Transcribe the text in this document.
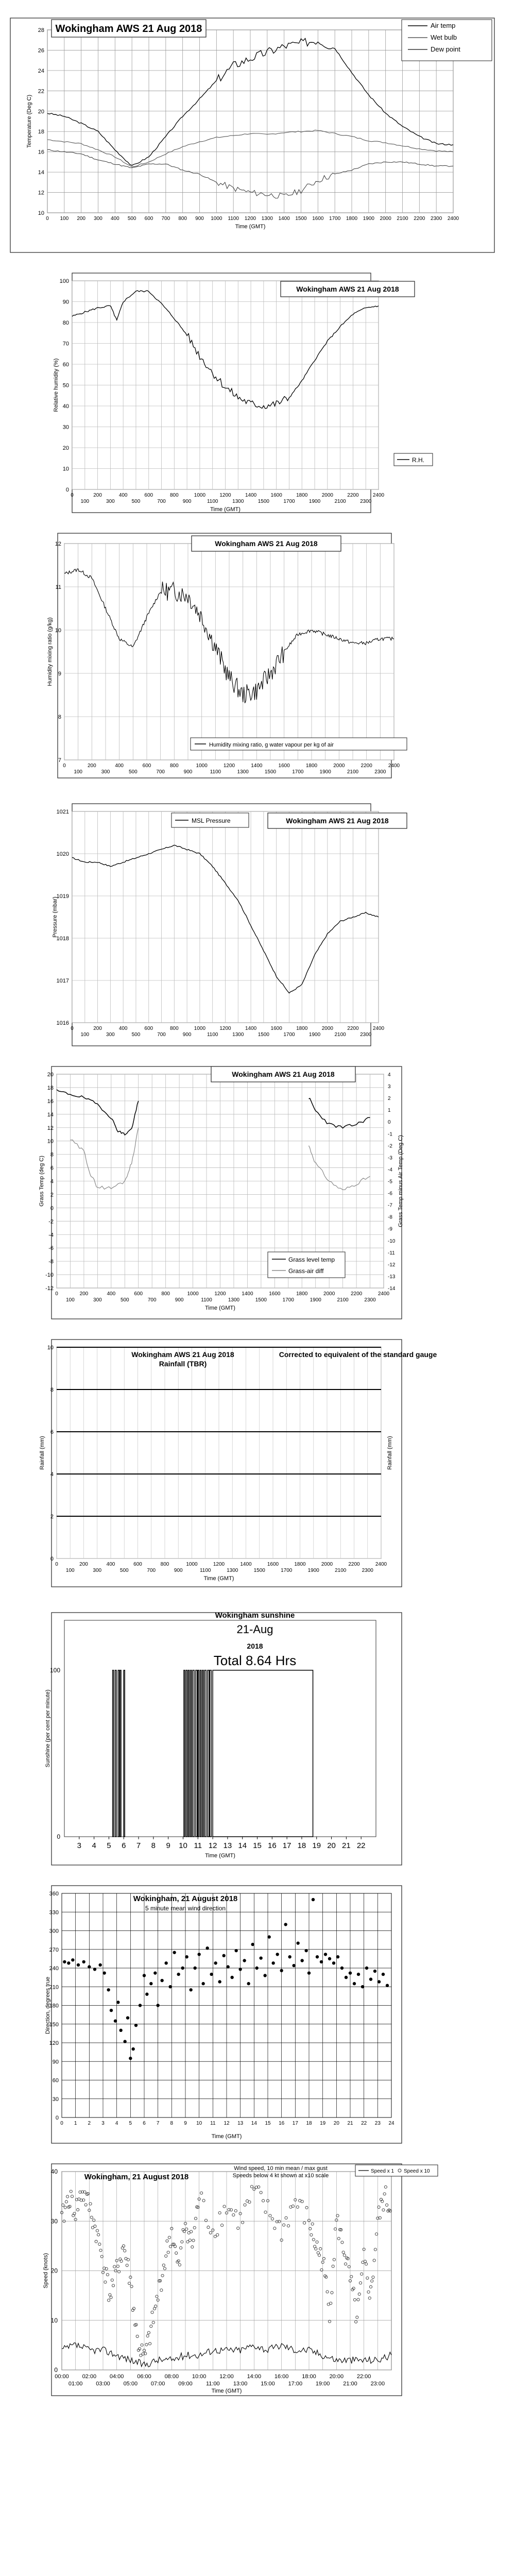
10
12
14
16
18
20
22
24
26
28
0 100 200 300 400 500 600 700 800 900 1000 1100 1200 1300 1400 1500 1600 1700 1800 1900 2000 2100 2200 2300 2400
Air temp
Wet bulb
Dew point
Wokingham AWS 21 Aug 2018
Temperature (Deg C)
Time (GMT)
0
10
20
30
40
50
60
70
80
90
100
0
100
200
300
400
500
600
700
800
900
1000
1100
1200
1300
1400
1500
1600
1700
1800
1900
2000
2100
2200
2300
2400
R.H.
Wokingham AWS 21 Aug 2018
Relative humidity (%)
Time (GMT)
7
8
9
10
11
12
0
100
200
300
400
500
600
700
800
900
1000
1100
1200
1300
1400
1500
1600
1700
1800
1900
2000
2100
2200
2300
2400
Humidity mixing ratio, g water vapour per kg of air
Wokingham AWS 21 Aug 2018
Humidity mixing ratio (g/kg)
1016
1017
1018
1019
1020
1021
0
100
200
300
400
500
600
700
800
900
1000
1100
1200
1300
1400
1500
1600
1700
1800
1900
2000
2100
2200
2300
2400
MSL Pressure	Wokingham AWS 21 Aug 2018
Pressure (mbar)
-12
-10
-8
-6
-4
-2
0
2
4
6
8
10
12
14
16
18
20
0
100
200
300
400
500
600
700
800
900
1000
1100
1200
1300
1400
1500
1600
1700
1800
1900
2000
2100
2200
2300
2400
-14
-13
-12
-11
-10
-9
-8
-7
-6
-5
-4
-3
-2
-1
0
1
2
3
4
Grass level temp
Grass-air diff
Wokingham AWS 21 Aug 2018
Grass Temp (deg C)	Grass Temp minus Air Temp (Deg C)
Time (GMT)
0
2
4
6
8
10
0
100
200
300
400
500
600
700
800
900
1000
1100
1200
1300
1400
1500
1600
1700
1800
1900
2000
2100
2200
2300
2400
Wokingham AWS 21 Aug 2018
Rainfall (TBR)
Corrected to equivalent of the standard gauge
Rainfall (mm)	Rainfall (mm)
Time (GMT)
0
100
3 4 5 6 7 8 9 10 11 12 13 14 15 16 17 18 19 20 21 22
Wokingham sunshine
21-Aug
2018
Total 8.64 Hrs
Sunshine (per cent per minute)
Time (GMT)
0
30
60
90
120
150
180
210
240
270
300
330
360
0 1 2 3 4 5 6 7 8 9 10 11 12 13 14 15 16 17 18 19 20 21 22 23 24
Wokingham, 21 August 2018
5 minute mean wind direction
Direction, degrees true
Time (GMT)
0
10
20
30
40
00:00 02:00 04:00 06:00 08:00 10:00 12:00 14:00 16:00 18:00 20:00 22:00
01:00 03:00 05:00 07:00 09:00 11:00 13:00 15:00 17:00 19:00 21:00 23:00
Speed x 1 Speed x 10
Wokingham, 21 August 2018
Wind speed, 10 min mean / max gust
Speeds below 4 kt shown at x10 scale
Speed (knots)
Time (GMT)
